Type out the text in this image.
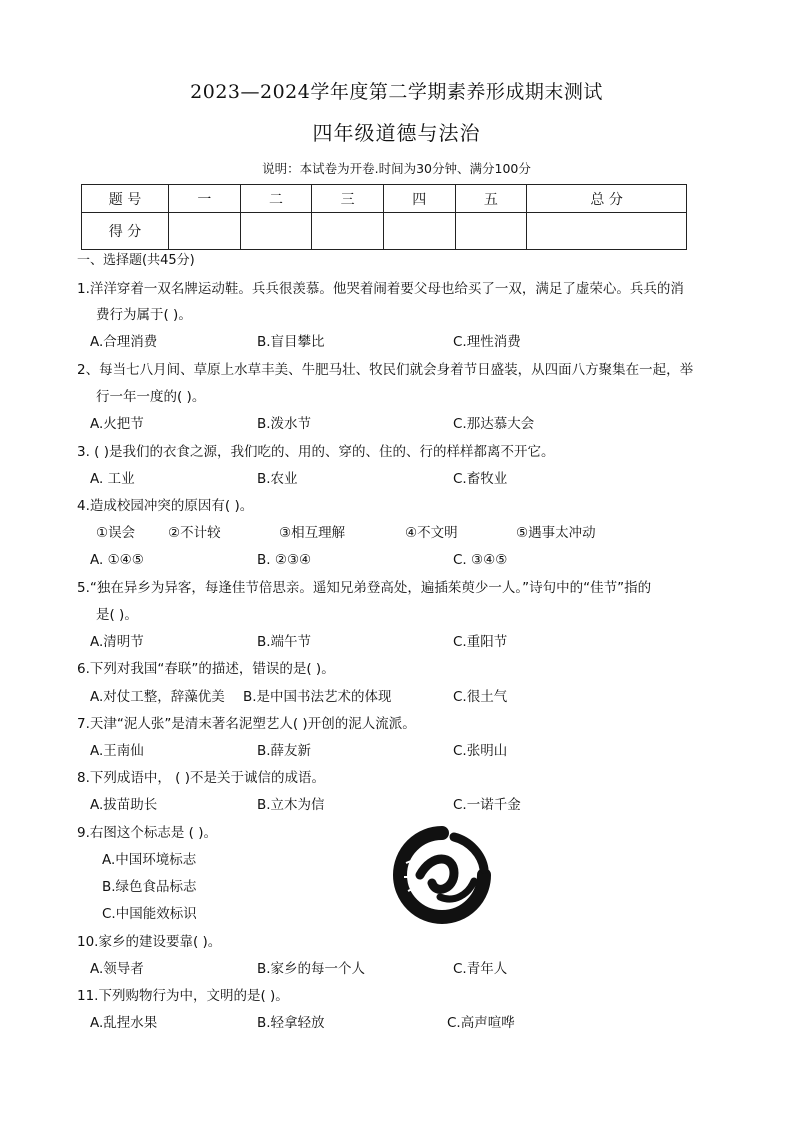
2023—2024学年度第二学期素养形成期末测试
四年级道德与法治
说明：本试卷为开卷.时间为30分钟、满分100分
题 号	一	二	三	四	五	总 分
得 分						
一、选择题(共45分)
1.洋洋穿着一双名牌运动鞋。兵兵很羡慕。他哭着闹着要父母也给买了一双，满足了虚荣心。兵兵的消
费行为属于( )。
A.合理消费	B.盲目攀比	C.理性消费
2、每当七八月间、草原上水草丰美、牛肥马壮、牧民们就会身着节日盛装，从四面八方聚集在一起，举
行一年一度的( )。
A.火把节	B.泼水节	C.那达慕大会
3. ( )是我们的衣食之源，我们吃的、用的、穿的、住的、行的样样都离不开它。
A. 工业	B.农业	C.畜牧业
4.造成校园冲突的原因有( )。
①误会 ②不计较	③相互理解	④不文明	⑤遇事太冲动
A. ①④⑤	B. ②③④	C. ③④⑤
5.“独在异乡为异客，每逢佳节倍思亲。遥知兄弟登高处，遍插茱萸少一人。”诗句中的“佳节”指的
是( )。
A.清明节	B.端午节	C.重阳节
6.下列对我国“春联”的描述，错误的是( )。
A.对仗工整，辞藻优美 B.是中国书法艺术的体现	C.很土气
7.天津“泥人张”是清末著名泥塑艺人( )开创的泥人流派。
A.王南仙	B.薛友新	C.张明山
8.下列成语中， ( )不是关于诚信的成语。
A.拔苗助长	B.立木为信	C.一诺千金
9.右图这个标志是 ( )。
A.中国环境标志
B.绿色食品标志
C.中国能效标识
10.家乡的建设要靠( )。
A.领导者	B.家乡的每一个人	C.青年人
11.下列购物行为中，文明的是( )。
A.乱捏水果	B.轻拿轻放	C.高声喧哗
